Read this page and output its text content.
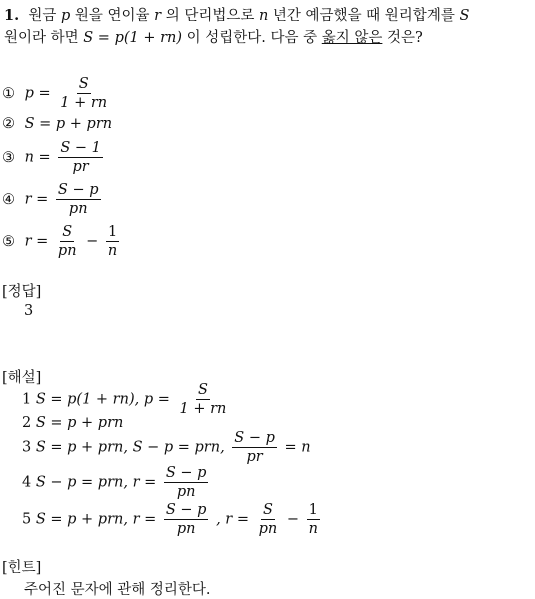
1. 원금 p 원을 연이율 r 의 단리법으로 n 년간 예금했을 때 원리합계를 S
원이라 하면 S = p(1 + rn) 이 성립한다. 다음 중 옳지 않은 것은?
① $p = \frac{S}{1 + rn}$
② S = p + prn
③ $n = \frac{S - 1}{pr}$
④ $r = \frac{S - p}{pn}$
⑤ $r = \frac{S}{pn} - \frac{1}{n}$
[정답]
3
[해설]
1 S = p(1 + rn), $p = \frac{S}{1 + rn}$
2 S = p + prn
3 S = p + prn, S − p = prn, $\frac{S - p}{pr} = n$
4 S − p = prn, $r = \frac{S - p}{pn}$
5 S = p + prn, $r = \frac{S - p}{pn}$ , $r = \frac{S}{pn} - \frac{1}{n}$
[힌트]
주어진 문자에 관해 정리한다.
